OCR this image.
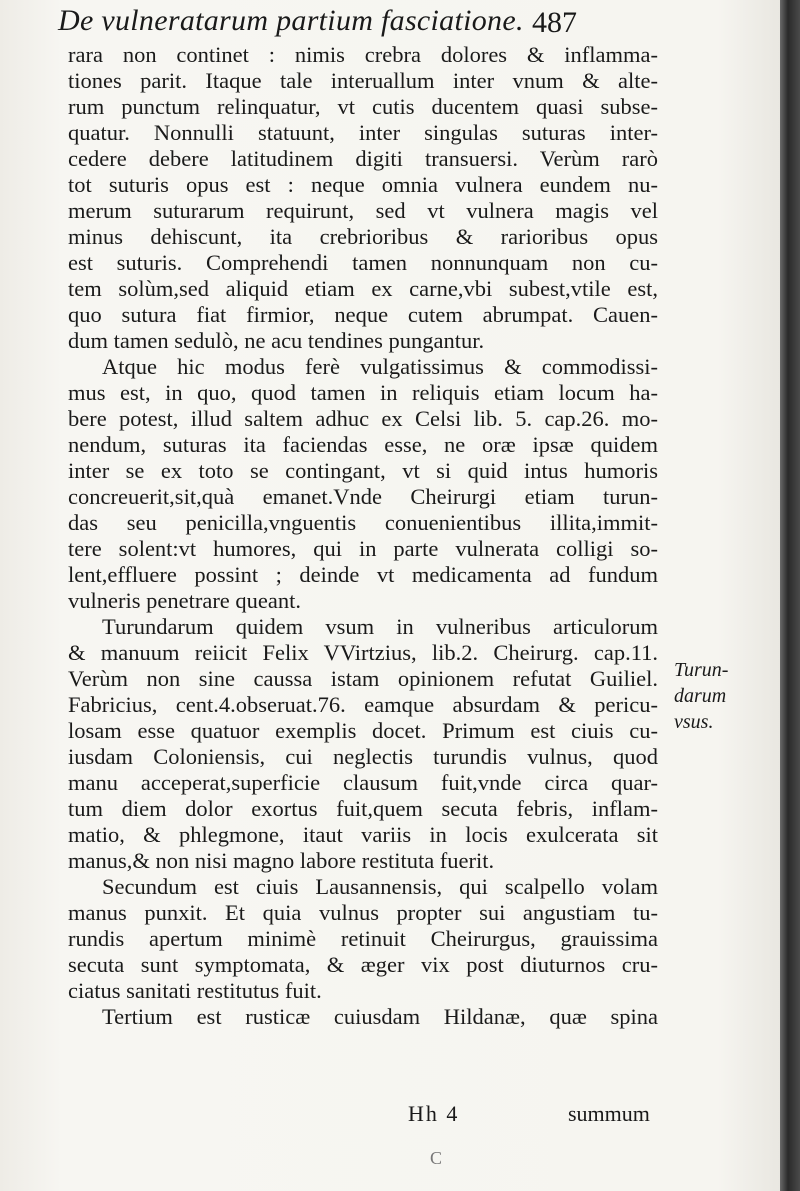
De vulneratarum partium fasciatione. 487
rara non continet : nimis crebra dolores & inflamma-
tiones parit. Itaque tale interuallum inter vnum & alte-
rum punctum relinquatur, vt cutis ducentem quasi subse-
quatur. Nonnulli statuunt, inter singulas suturas inter-
cedere debere latitudinem digiti transuersi. Verùm rarò
tot suturis opus est : neque omnia vulnera eundem nu-
merum suturarum requirunt, sed vt vulnera magis vel
minus dehiscunt, ita crebrioribus & rarioribus opus
est suturis. Comprehendi tamen nonnunquam non cu-
tem solùm,sed aliquid etiam ex carne,vbi subest,vtile est,
quo sutura fiat firmior, neque cutem abrumpat. Cauen-
dum tamen sedulò, ne acu tendines pungantur.
Atque hic modus ferè vulgatissimus & commodissi-
mus est, in quo, quod tamen in reliquis etiam locum ha-
bere potest, illud saltem adhuc ex Celsi lib. 5. cap.26. mo-
nendum, suturas ita faciendas esse, ne oræ ipsæ quidem
inter se ex toto se contingant, vt si quid intus humoris
concreuerit,sit,quà emanet.Vnde Cheirurgi etiam turun-
das seu penicilla,vnguentis conuenientibus illita,immit-
tere solent:vt humores, qui in parte vulnerata colligi so-
lent,effluere possint ; deinde vt medicamenta ad fundum
vulneris penetrare queant.
Turundarum quidem vsum in vulneribus articulorum
& manuum reiicit Felix VVirtzius, lib.2. Cheirurg. cap.11.
Verùm non sine caussa istam opinionem refutat Guiliel.
Fabricius, cent.4.obseruat.76. eamque absurdam & pericu-
losam esse quatuor exemplis docet. Primum est ciuis cu-
iusdam Coloniensis, cui neglectis turundis vulnus, quod
manu acceperat,superficie clausum fuit,vnde circa quar-
tum diem dolor exortus fuit,quem secuta febris, inflam-
matio, & phlegmone, itaut variis in locis exulcerata sit
manus,& non nisi magno labore restituta fuerit.
Secundum est ciuis Lausannensis, qui scalpello volam
manus punxit. Et quia vulnus propter sui angustiam tu-
rundis apertum minimè retinuit Cheirurgus, grauissima
secuta sunt symptomata, & æger vix post diuturnos cru-
ciatus sanitati restitutus fuit.
Tertium est rusticæ cuiusdam Hildanæ, quæ spina
Turun-
darum
vsus.
Hh 4	summum
C
